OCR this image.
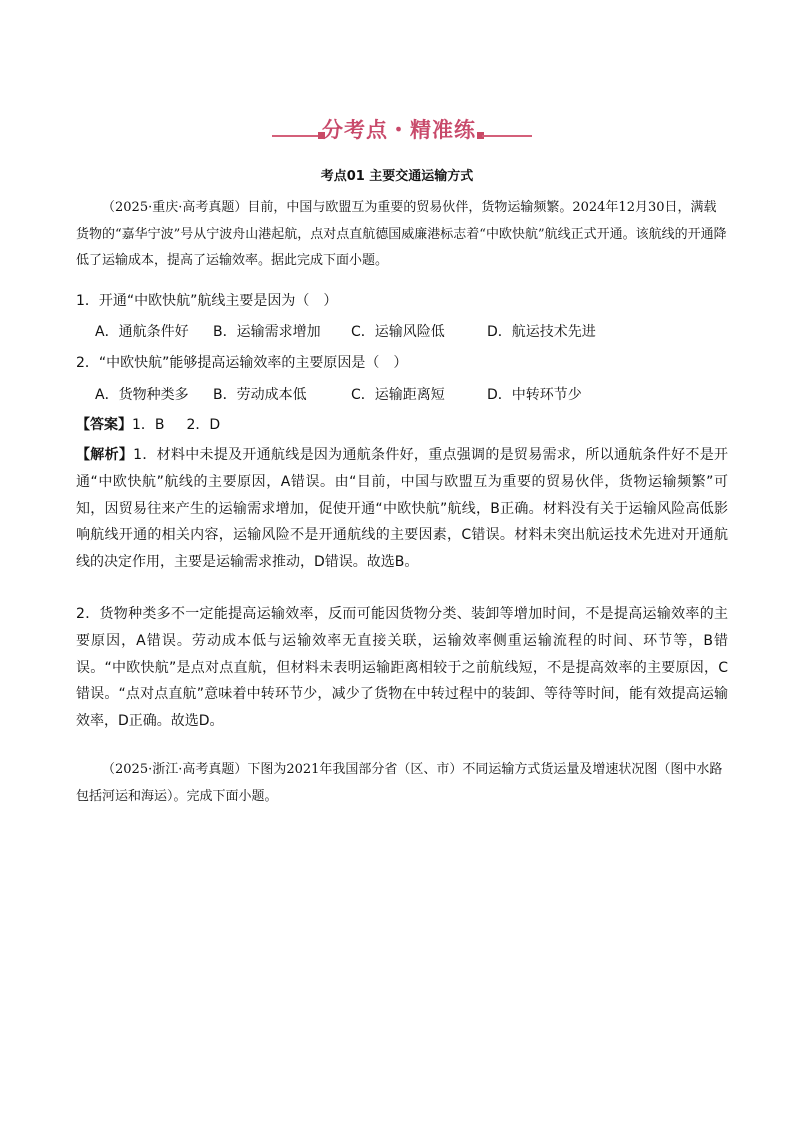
分考点・精准练
考点01 主要交通运输方式

（2025·重庆·高考真题）目前，中国与欧盟互为重要的贸易伙伴，货物运输频繁。2024年12月30日，满载货物的“嘉华宁波”号从宁波舟山港起航，点对点直航德国威廉港标志着“中欧快航”航线正式开通。该航线的开通降低了运输成本，提高了运输效率。据此完成下面小题。

1．开通“中欧快航”航线主要是因为（　）
A．通航条件好 B．运输需求增加 C．运输风险低	D．航运技术先进
2．“中欧快航”能够提高运输效率的主要原因是（　）
A．货物种类多 B．劳动成本低	C．运输距离短	D．中转环节少
【答案】1．B 2．D

【解析】1．材料中未提及开通航线是因为通航条件好，重点强调的是贸易需求，所以通航条件好不是开通“中欧快航”航线的主要原因，A错误。由“目前，中国与欧盟互为重要的贸易伙伴，货物运输频繁”可知，因贸易往来产生的运输需求增加，促使开通“中欧快航”航线，B正确。材料没有关于运输风险高低影响航线开通的相关内容，运输风险不是开通航线的主要因素，C错误。材料未突出航运技术先进对开通航线的决定作用，主要是运输需求推动，D错误。故选B。

2．货物种类多不一定能提高运输效率，反而可能因货物分类、装卸等增加时间，不是提高运输效率的主要原因，A错误。劳动成本低与运输效率无直接关联，运输效率侧重运输流程的时间、环节等，B错误。“中欧快航”是点对点直航，但材料未表明运输距离相较于之前航线短，不是提高效率的主要原因，C错误。“点对点直航”意味着中转环节少，减少了货物在中转过程中的装卸、等待等时间，能有效提高运输效率，D正确。故选D。

（2025·浙江·高考真题）下图为2021年我国部分省（区、市）不同运输方式货运量及增速状况图（图中水路包括河运和海运）。完成下面小题。
